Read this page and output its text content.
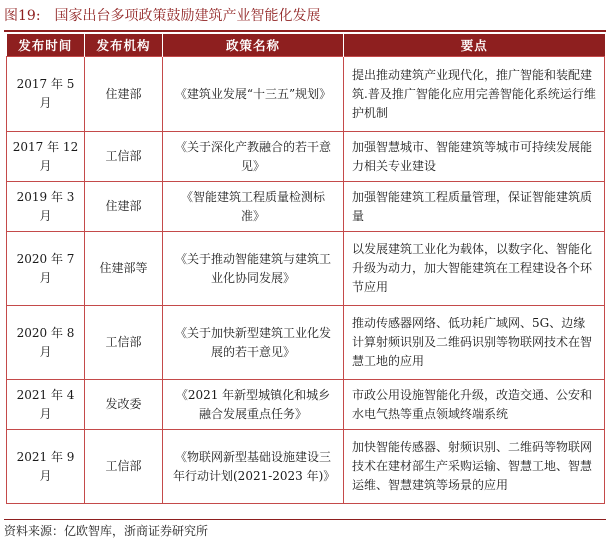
图19: 国家出台多项政策鼓励建筑产业智能化发展
发布时间	发布机构	政策名称	要点
2017 年 5 月	住建部	《建筑业发展“十三五”规划》	提出推动建筑产业现代化，推广智能和装配建筑.普及推广智能化应用完善智能化系统运行维护机制
2017 年 12 月	工信部	《关于深化产教融合的若干意见》	加强智慧城市、智能建筑等城市可持续发展能力相关专业建设
2019 年 3 月	住建部	《智能建筑工程质量检测标准》	加强智能建筑工程质量管理，保证智能建筑质量
2020 年 7 月	住建部等	《关于推动智能建筑与建筑工业化协同发展》	以发展建筑工业化为载体，以数字化、智能化升级为动力，加大智能建筑在工程建设各个环节应用
2020 年 8 月	工信部	《关于加快新型建筑工业化发展的若干意见》	推动传感器网络、低功耗广域网、5G、边缘计算射频识别及二维码识别等物联网技术在智慧工地的应用
2021 年 4 月	发改委	《2021 年新型城镇化和城乡融合发展重点任务》	市政公用设施智能化升级，改造交通、公安和水电气热等重点领域终端系统
2021 年 9 月	工信部	《物联网新型基础设施建设三年行动计划(2021-2023 年)》	加快智能传感器、射频识别、二维码等物联网技术在建材部生产采购运输、智慧工地、智慧运维、智慧建筑等场景的应用
资料来源：亿欧智库，浙商证券研究所
